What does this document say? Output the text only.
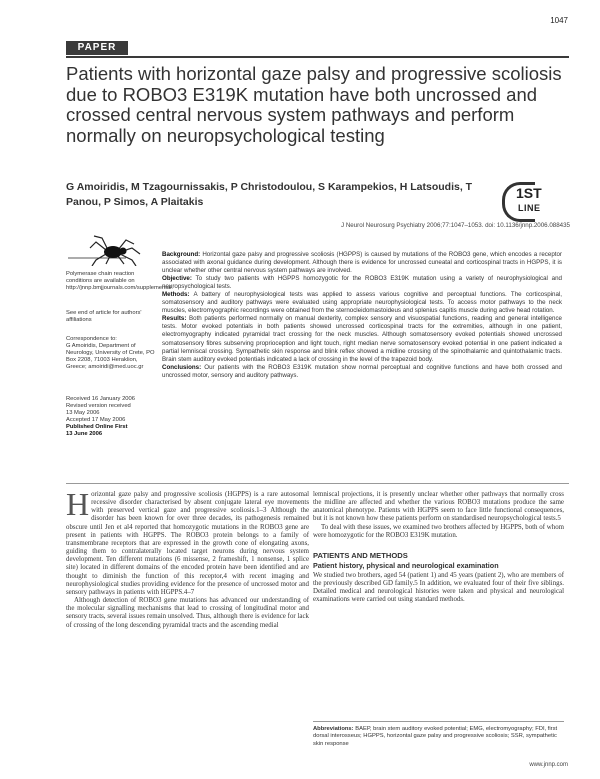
1047
PAPER
Patients with horizontal gaze palsy and progressive scoliosis due to ROBO3 E319K mutation have both uncrossed and crossed central nervous system pathways and perform normally on neuropsychological testing
G Amoiridis, M Tzagournissakis, P Christodoulou, S Karampekios, H Latsoudis, T Panou, P Simos, A Plaitakis
1ST
LINE
J Neurol Neurosurg Psychiatry 2006;77:1047–1053. doi: 10.1136/jnnp.2006.088435

Polymerase chain reaction conditions are available on http://jnnp.bmjjournals.com/supplemental.

See end of article for authors' affiliations

Correspondence to:

G Amoiridis, Department of Neurology, University of Crete, PO Box 2208, 71003 Heraklion, Greece; amoiridi@med.uoc.gr

Received 16 January 2006

Revised version received

13 May 2006

Accepted 17 May 2006

Published Online First

13 June 2006

Background: Horizontal gaze palsy and progressive scoliosis (HGPPS) is caused by mutations of the ROBO3 gene, which encodes a receptor associated with axonal guidance during development. Although there is evidence for uncrossed cuneatal and corticospinal tracts in HGPPS, it is unclear whether other central nervous system pathways are involved.

Objective: To study two patients with HGPPS homozygotic for the ROBO3 E319K mutation using a variety of neurophysiological and neuropsychological tests.

Methods: A battery of neurophysiological tests was applied to assess various cognitive and perceptual functions. The corticospinal, somatosensory and auditory pathways were evaluated using appropriate neurophysiological tests. To access motor pathways to the neck muscles, electromyographic recordings were obtained from the sternocleidomastoideus and splenius capitis muscle during active head rotation.

Results: Both patients performed normally on manual dexterity, complex sensory and visuospatial functions, reading and general intelligence tests. Motor evoked potentials in both patients showed uncrossed corticospinal tracts for the extremities, although in one patient, electromyography indicated pyramidal tract crossing for the neck muscles. Although somatosensory evoked potentials showed uncrossed somatosensory fibres subserving proprioception and light touch, right median nerve somatosensory evoked potential in one patient indicated a partial lemniscal crossing. Sympathetic skin response and blink reflex showed a midline crossing of the spinothalamic and quintothalamic tracts. Brain stem auditory evoked potentials indicated a lack of crossing in the level of the trapezoid body.

Conclusions: Our patients with the ROBO3 E319K mutation show normal perceptual and cognitive functions and have both crossed and uncrossed motor, sensory and auditory pathways.

Horizontal gaze palsy and progressive scoliosis (HGPPS) is a rare autosomal recessive disorder characterised by absent conjugate lateral eye movements with preserved vertical gaze and progressive scoliosis.1–3 Although the disorder has been known for over three decades, its pathogenesis remained obscure until Jen et al4 reported that homozygotic mutations in the ROBO3 gene are present in patients with HGPPS. The ROBO3 protein belongs to a family of transmembrane receptors that are expressed in the growth cone of elongating axons, guiding them to contralaterally located target neurons during nervous system development. Ten different mutations (6 missense, 2 frameshift, 1 nonsense, 1 splice site) located in different domains of the encoded protein have been identified and are thought to diminish the function of this receptor,4 with recent imaging and neurophysiological studies providing evidence for the presence of uncrossed motor and sensory pathways in patients with HGPPS.4–7

Although detection of ROBO3 gene mutations has advanced our understanding of the molecular signalling mechanisms that lead to crossing of longitudinal motor and sensory tracts, several issues remain unsolved. Thus, although there is evidence for lack of crossing of the long descending pyramidal tracts and the ascending medial

lemniscal projections, it is presently unclear whether other pathways that normally cross the midline are affected and whether the various ROBO3 mutations produce the same anatomical phenotype. Patients with HGPPS seem to face little functional consequences, but it is not known how these patients perform on standardised neuropsychological tests.5

To deal with these issues, we examined two brothers affected by HGPPS, both of whom were homozygotic for the ROBO3 E319K mutation.

PATIENTS AND METHODS
Patient history, physical and neurological examination

We studied two brothers, aged 54 (patient 1) and 45 years (patient 2), who are members of the previously described GD family.5 In addition, we evaluated four of their five siblings. Detailed medical and neurological histories were taken and physical and neurological examinations were carried out using standard methods.

Abbreviations: BAEP, brain stem auditory evoked potential; EMG, electromyography; FDI, first dorsal interosseus; HGPPS, horizontal gaze palsy and progressive scoliosis; SSR, sympathetic skin response
www.jnnp.com
